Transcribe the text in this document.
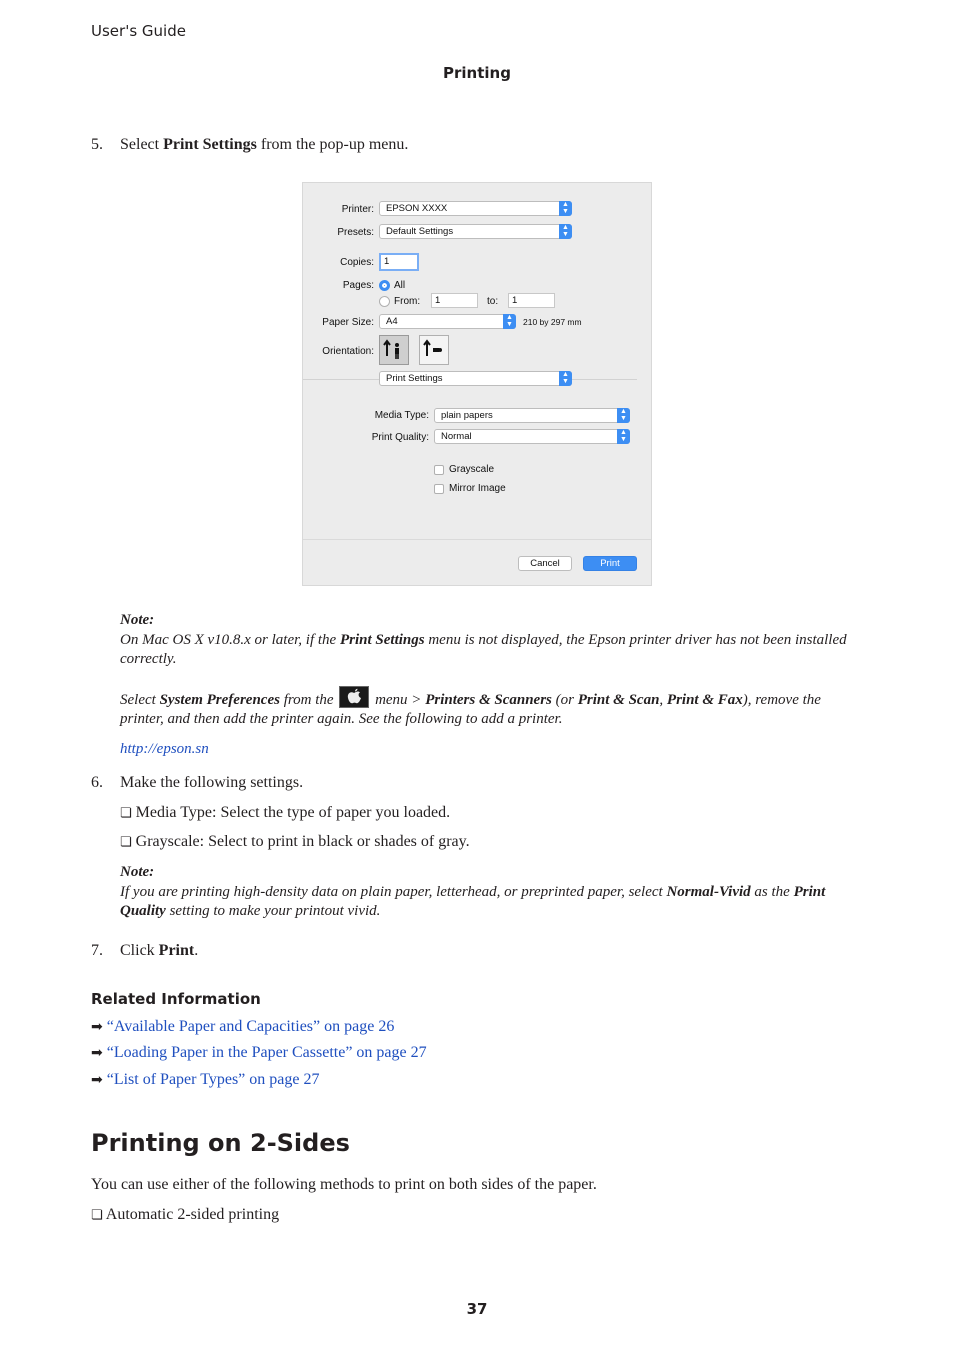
User's Guide
Printing
5. Select Print Settings from the pop-up menu.
Printer:	EPSON XXXX	▲
▼
Presets:	Default Settings	▲
▼
Copies:	1
Pages: All
From:	1	to:	1
Paper Size:	A4	▲
▼	210 by 297 mm
Orientation:
Print Settings	▲
▼
Media Type:	plain papers	▲
▼
Print Quality:	Normal	▲
▼
Grayscale
Mirror Image
Cancel	Print
Note:
On Mac OS X v10.8.x or later, if the Print Settings menu is not displayed, the Epson printer driver has not been installed correctly.
Select System Preferences from the
menu > Printers & Scanners (or Print & Scan, Print & Fax), remove the printer, and then add the printer again. See the following to add a printer.
http://epson.sn
6. Make the following settings.
❏ Media Type: Select the type of paper you loaded.
❏ Grayscale: Select to print in black or shades of gray.
Note:
If you are printing high-density data on plain paper, letterhead, or preprinted paper, select Normal-Vivid as the Print Quality setting to make your printout vivid.
7. Click Print.
Related Information
➡ “Available Paper and Capacities” on page 26
➡ “Loading Paper in the Paper Cassette” on page 27
➡ “List of Paper Types” on page 27
Printing on 2-Sides
You can use either of the following methods to print on both sides of the paper.
❏ Automatic 2-sided printing
37
